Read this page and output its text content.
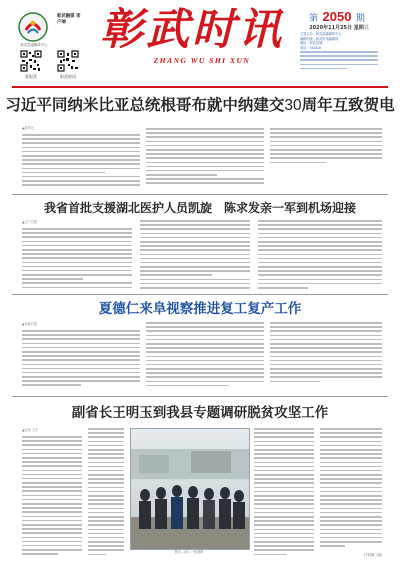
彰武县融媒体中心
彰武融媒 客户端
爱彰武	彰武时讯
彰武时讯
ZHANG WU SHI XUN
第 2050 期
2020年11月25日 星期三
主管主办：彰武县融媒体中心
编辑出版：彰武时讯编辑部
地址：彰武县城
电话：0418-6
习近平同纳米比亚总统根哥布就中纳建交30周年互致贺电
▲新华社
我省首批支援湖北医护人员凯旋　陈求发亲一军到机场迎接
▲辽宁日报
夏德仁来阜视察推进复工复产工作
▲阜新日报
副省长王明玉到我县专题调研脱贫攻坚工作
▲记者 王东
图为…深入一线调研
(下转第二版)
